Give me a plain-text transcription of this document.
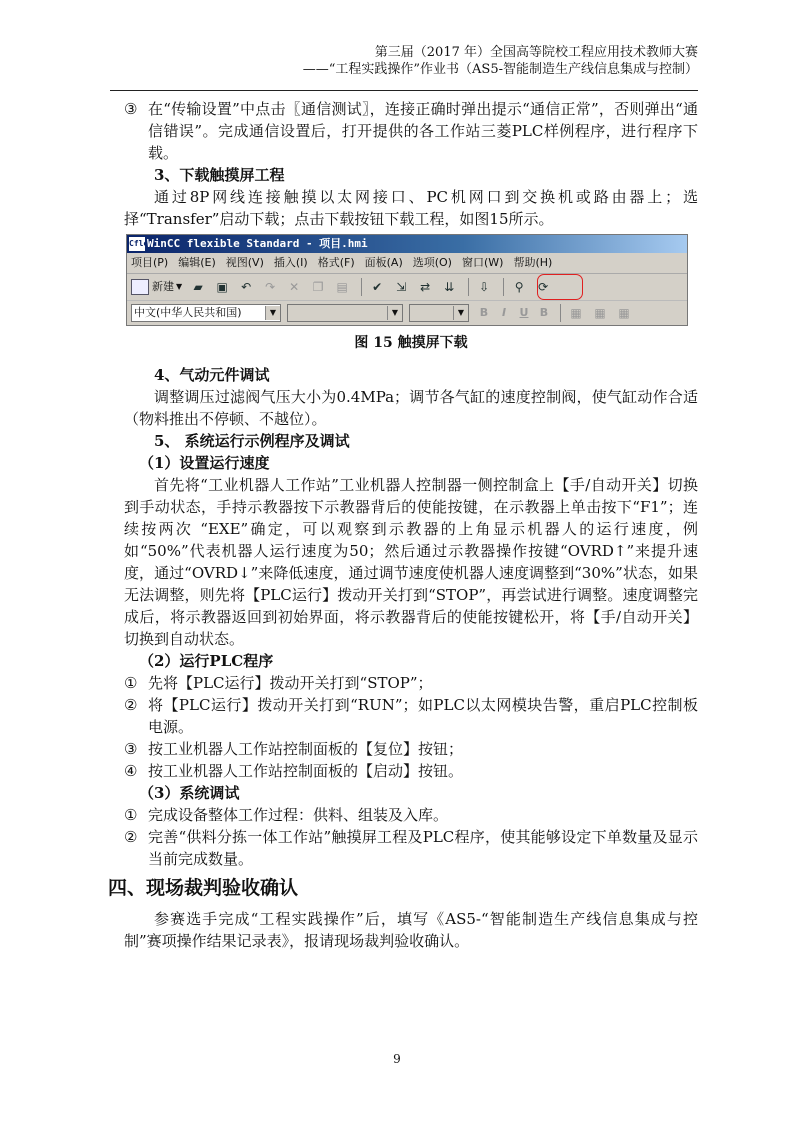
第三届（2017 年）全国高等院校工程应用技术教师大赛
——“工程实践操作”作业书（AS5-智能制造生产线信息集成与控制）
③ 在“传输设置”中点击〖通信测试〗，连接正确时弹出提示“通信正常”，否则弹出“通信错误”。完成通信设置后，打开提供的各工作站三菱PLC样例程序，进行程序下载。

3、下载触摸屏工程

通过8P网线连接触摸以太网接口、PC机网口到交换机或路由器上；选择“Transfer”启动下载；点击下载按钮下载工程，如图15所示。

Cfle
WinCC flexible Standard - 项目.hmi
项目(P) 编辑(E) 视图(V) 插入(I) 格式(F) 面板(A) 选项(O) 窗口(W) 帮助(H)
新建 ▼ ▰	▣	↶	↷	✕	❐	▤	✔	⇲	⇄	⇊	⇩	⚲	⟳
中文(中华人民共和国)	▼	▼	▼	B	I	U	B	▦	▦	▦

图 15 触摸屏下载

4、气动元件调试

调整调压过滤阀气压大小为0.4MPa；调节各气缸的速度控制阀，使气缸动作合适（物料推出不停顿、不越位）。

5、 系统运行示例程序及调试

（1）设置运行速度

首先将“工业机器人工作站”工业机器人控制器一侧控制盒上【手/自动开关】切换到手动状态，手持示教器按下示教器背后的使能按键，在示教器上单击按下“F1”；连续按两次 “EXE”确定，可以观察到示教器的上角显示机器人的运行速度，例如“50%”代表机器人运行速度为50；然后通过示教器操作按键“OVRD↑”来提升速度，通过“OVRD↓”来降低速度，通过调节速度使机器人速度调整到“30%”状态，如果无法调整，则先将【PLC运行】拨动开关打到“STOP”，再尝试进行调整。速度调整完成后，将示教器返回到初始界面，将示教器背后的使能按键松开，将【手/自动开关】切换到自动状态。

（2）运行PLC程序

① 先将【PLC运行】拨动开关打到“STOP”；
② 将【PLC运行】拨动开关打到“RUN”；如PLC以太网模块告警，重启PLC控制板电源。
③ 按工业机器人工作站控制面板的【复位】按钮；
④ 按工业机器人工作站控制面板的【启动】按钮。

（3）系统调试

① 完成设备整体工作过程：供料、组装及入库。
② 完善“供料分拣一体工作站”触摸屏工程及PLC程序，使其能够设定下单数量及显示当前完成数量。

四、现场裁判验收确认

参赛选手完成“工程实践操作”后，填写《AS5-“智能制造生产线信息集成与控制”赛项操作结果记录表》，报请现场裁判验收确认。

9
